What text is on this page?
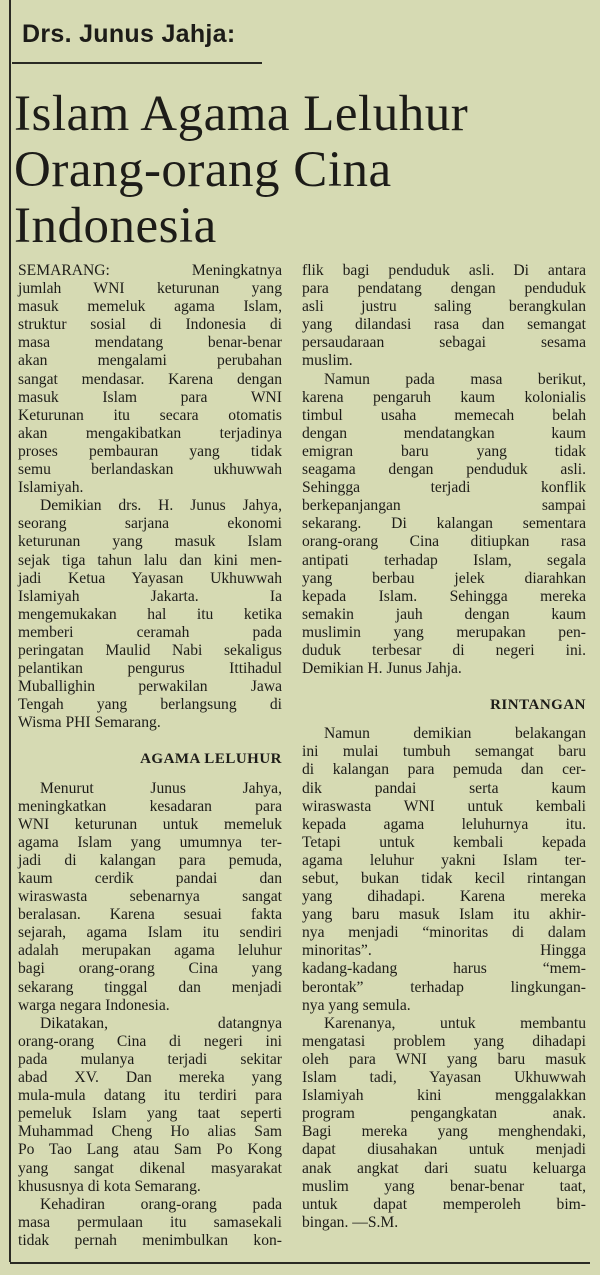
Drs. Junus Jahja:
Islam Agama Leluhur
Orang-orang Cina
Indonesia

SEMARANG: Meningkatnya
jumlah WNI keturunan yang
masuk memeluk agama Islam,
struktur sosial di Indonesia di
masa mendatang benar-benar
akan mengalami perubahan
sangat mendasar. Karena dengan
masuk Islam para WNI
Keturunan itu secara otomatis
akan mengakibatkan terjadinya
proses pembauran yang tidak
semu berlandaskan ukhuwwah
Islamiyah.

Demikian drs. H. Junus Jahya,
seorang sarjana ekonomi
keturunan yang masuk Islam
sejak tiga tahun lalu dan kini men-
jadi Ketua Yayasan Ukhuwwah
Islamiyah Jakarta. Ia
mengemukakan hal itu ketika
memberi ceramah pada
peringatan Maulid Nabi sekaligus
pelantikan pengurus Ittihadul
Muballighin perwakilan Jawa
Tengah yang berlangsung di
Wisma PHI Semarang.

AGAMA LELUHUR

Menurut Junus Jahya,
meningkatkan kesadaran para
WNI keturunan untuk memeluk
agama Islam yang umumnya ter-
jadi di kalangan para pemuda,
kaum cerdik pandai dan
wiraswasta sebenarnya sangat
beralasan. Karena sesuai fakta
sejarah, agama Islam itu sendiri
adalah merupakan agama leluhur
bagi orang-orang Cina yang
sekarang tinggal dan menjadi
warga negara Indonesia.

Dikatakan, datangnya
orang-orang Cina di negeri ini
pada mulanya terjadi sekitar
abad XV. Dan mereka yang
mula-mula datang itu terdiri para
pemeluk Islam yang taat seperti
Muhammad Cheng Ho alias Sam
Po Tao Lang atau Sam Po Kong
yang sangat dikenal masyarakat
khususnya di kota Semarang.

Kehadiran orang-orang pada
masa permulaan itu samasekali
tidak pernah menimbulkan kon-

flik bagi penduduk asli. Di antara
para pendatang dengan penduduk
asli justru saling berangkulan
yang dilandasi rasa dan semangat
persaudaraan sebagai sesama
muslim.

Namun pada masa berikut,
karena pengaruh kaum kolonialis
timbul usaha memecah belah
dengan mendatangkan kaum
emigran baru yang tidak
seagama dengan penduduk asli.
Sehingga terjadi konflik
berkepanjangan sampai
sekarang. Di kalangan sementara
orang-orang Cina ditiupkan rasa
antipati terhadap Islam, segala
yang berbau jelek diarahkan
kepada Islam. Sehingga mereka
semakin jauh dengan kaum
muslimin yang merupakan pen-
duduk terbesar di negeri ini.
Demikian H. Junus Jahja.

RINTANGAN

Namun demikian belakangan
ini mulai tumbuh semangat baru
di kalangan para pemuda dan cer-
dik pandai serta kaum
wiraswasta WNI untuk kembali
kepada agama leluhurnya itu.
Tetapi untuk kembali kepada
agama leluhur yakni Islam ter-
sebut, bukan tidak kecil rintangan
yang dihadapi. Karena mereka
yang baru masuk Islam itu akhir-
nya menjadi “minoritas di dalam
minoritas”. Hingga
kadang-kadang harus “mem-
berontak” terhadap lingkungan-
nya yang semula.

Karenanya, untuk membantu
mengatasi problem yang dihadapi
oleh para WNI yang baru masuk
Islam tadi, Yayasan Ukhuwwah
Islamiyah kini menggalakkan
program pengangkatan anak.
Bagi mereka yang menghendaki,
dapat diusahakan untuk menjadi
anak angkat dari suatu keluarga
muslim yang benar-benar taat,
untuk dapat memperoleh bim-
bingan. —S.M.
